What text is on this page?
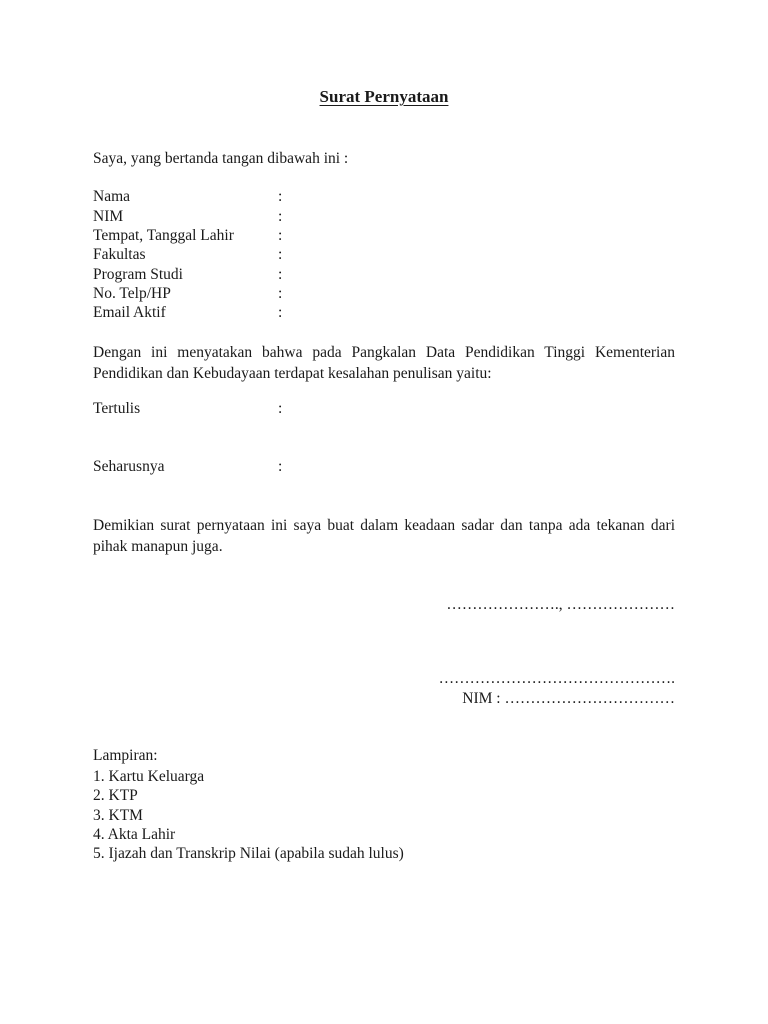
Surat Pernyataan
Saya, yang bertanda tangan dibawah ini :
Nama	:
NIM	:
Tempat, Tanggal Lahir	:
Fakultas	:
Program Studi	:
No. Telp/HP	:
Email Aktif	:
Dengan ini menyatakan bahwa pada Pangkalan Data Pendidikan Tinggi Kementerian Pendidikan dan Kebudayaan terdapat kesalahan penulisan yaitu:
Tertulis	:
Seharusnya	:
Demikian surat pernyataan ini saya buat dalam keadaan sadar dan tanpa ada tekanan dari pihak manapun juga.
…………………., …………………
……………………………………….
NIM : ……………………………
Lampiran:
1. Kartu Keluarga
2. KTP
3. KTM
4. Akta Lahir
5. Ijazah dan Transkrip Nilai (apabila sudah lulus)
